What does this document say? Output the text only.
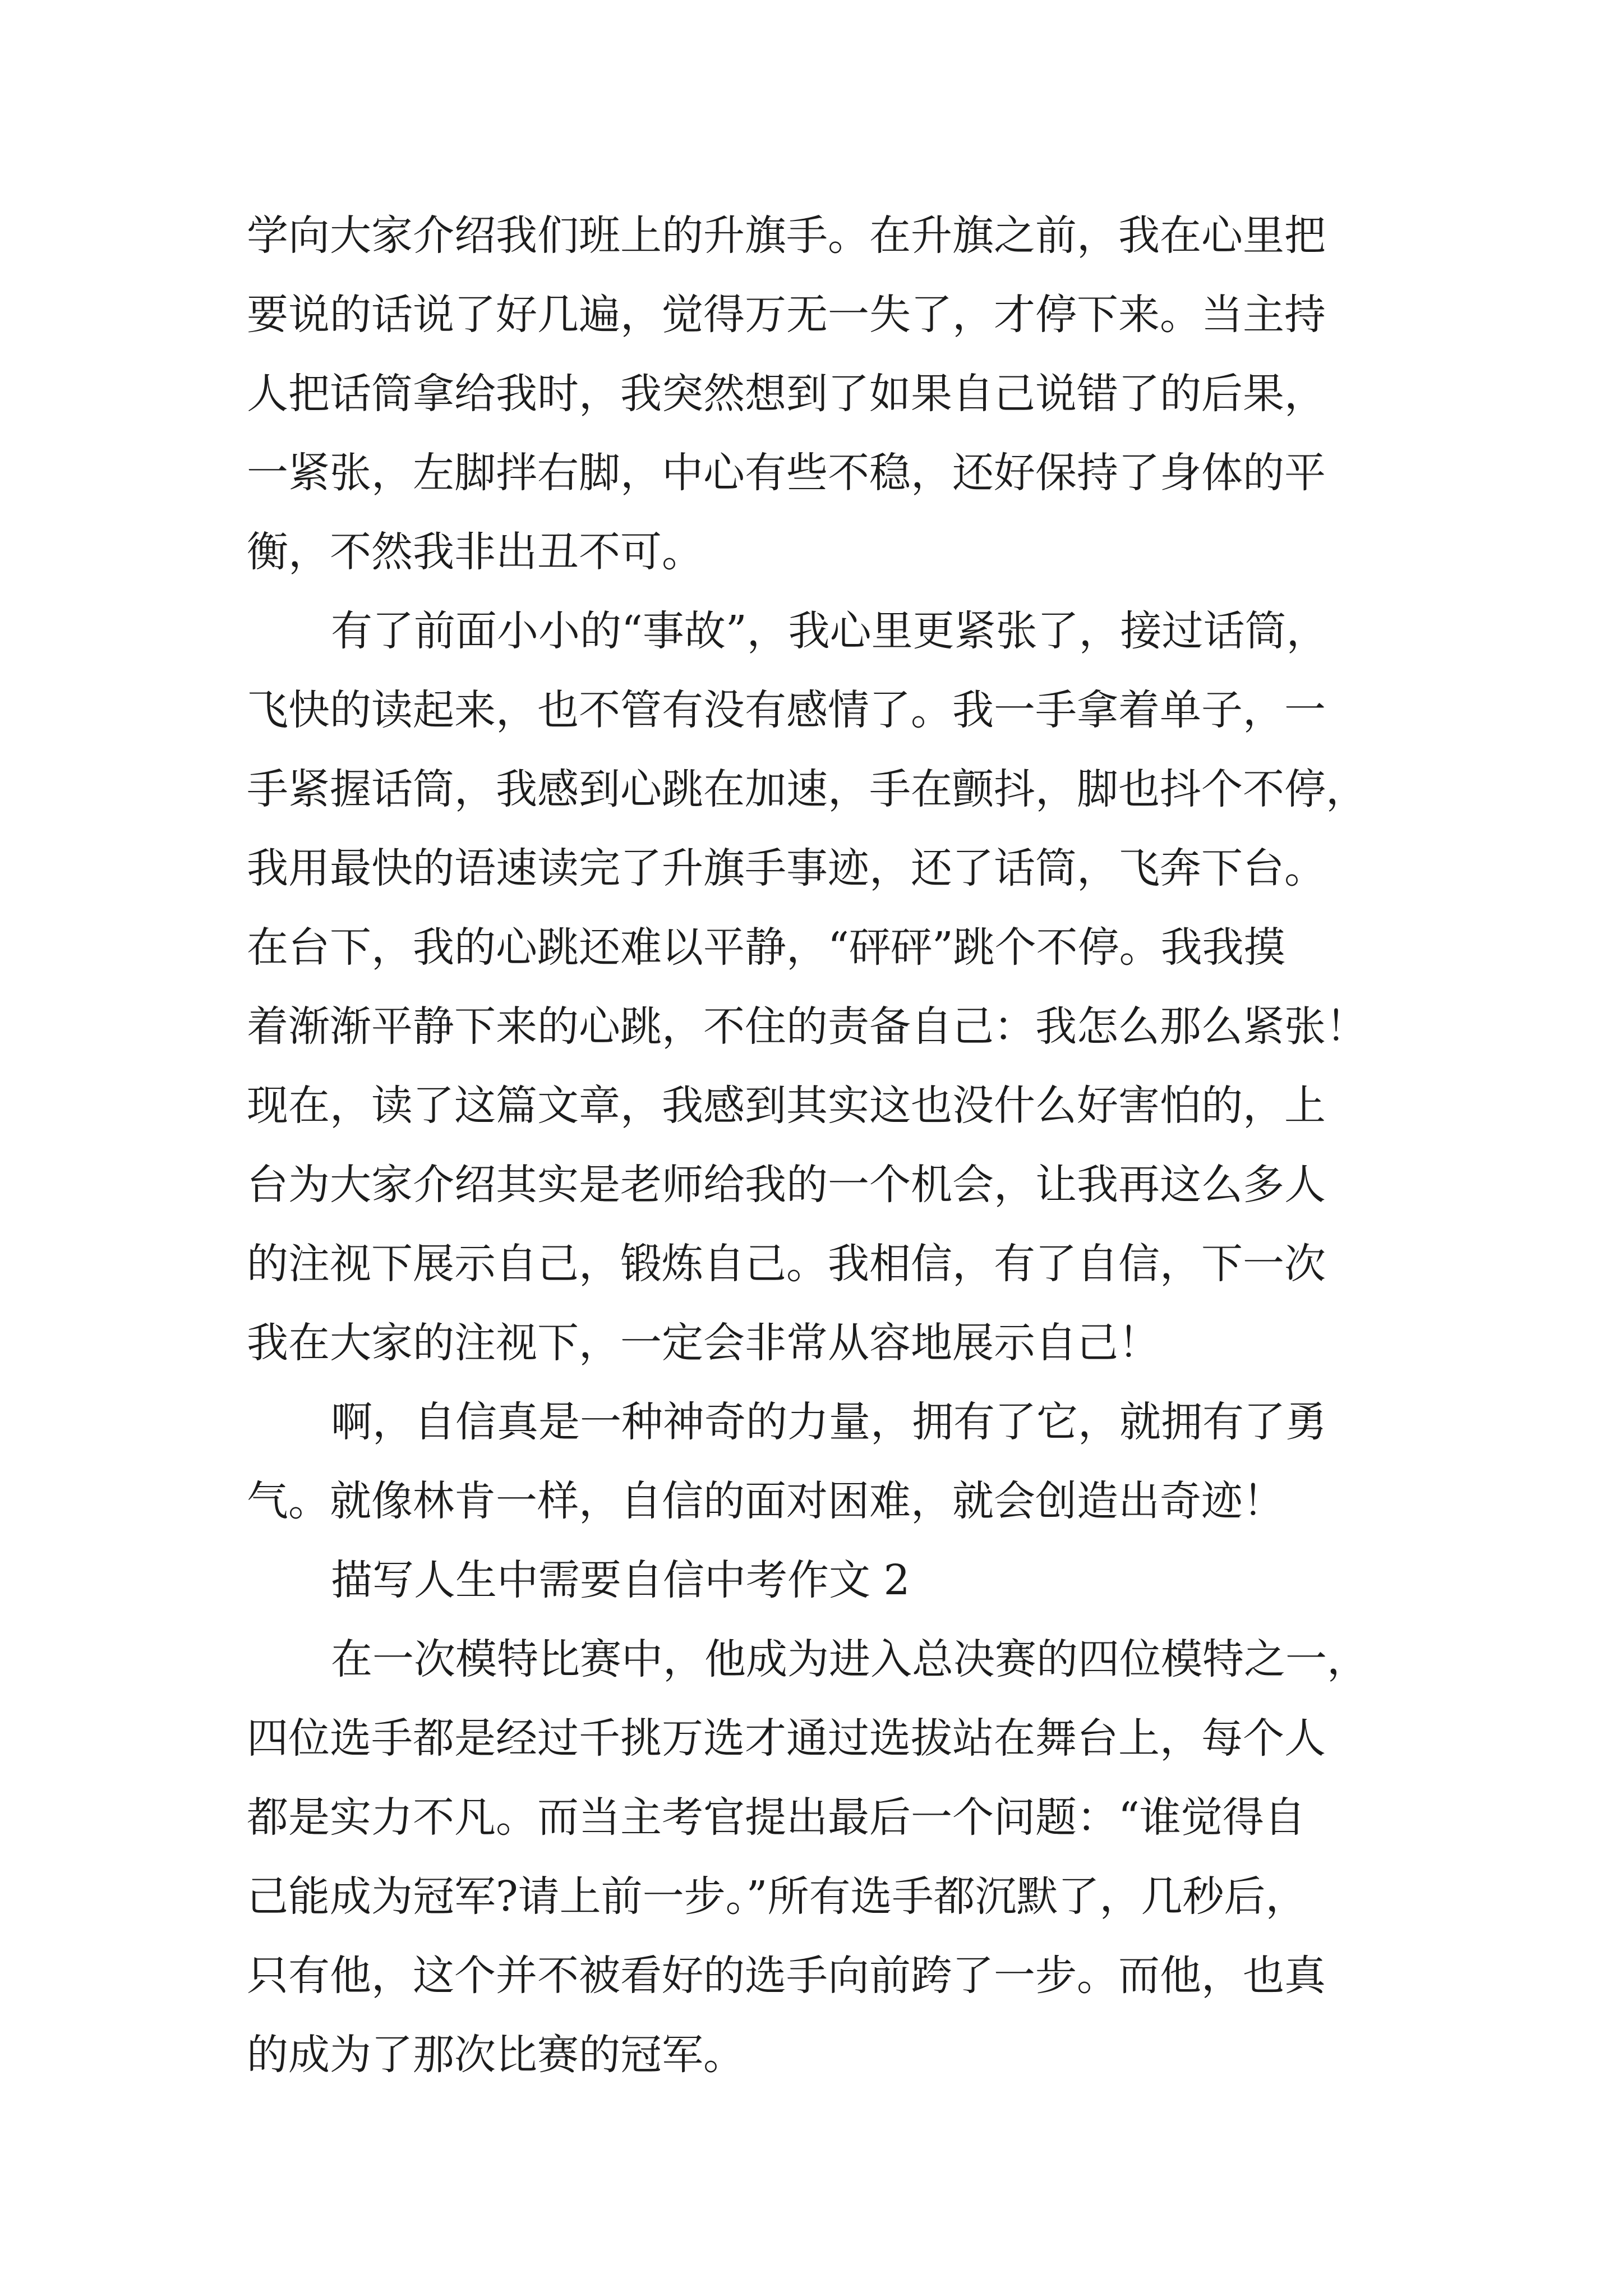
学向大家介绍我们班上的升旗手。在升旗之前，我在心里把
要说的话说了好几遍，觉得万无一失了，才停下来。当主持
人把话筒拿给我时，我突然想到了如果自己说错了的后果，
一紧张，左脚拌右脚，中心有些不稳，还好保持了身体的平
衡，不然我非出丑不可。
有了前面小小的“事故”，我心里更紧张了，接过话筒，
飞快的读起来，也不管有没有感情了。我一手拿着单子，一
手紧握话筒，我感到心跳在加速，手在颤抖，脚也抖个不停，
我用最快的语速读完了升旗手事迹，还了话筒，飞奔下台。
在台下，我的心跳还难以平静，“砰砰”跳个不停。我我摸
着渐渐平静下来的心跳，不住的责备自己：我怎么那么紧张！
现在，读了这篇文章，我感到其实这也没什么好害怕的，上
台为大家介绍其实是老师给我的一个机会，让我再这么多人
的注视下展示自己，锻炼自己。我相信，有了自信，下一次
我在大家的注视下，一定会非常从容地展示自己！
啊，自信真是一种神奇的力量，拥有了它，就拥有了勇
气。就像林肯一样，自信的面对困难，就会创造出奇迹！
描写人生中需要自信中考作文 2
在一次模特比赛中，他成为进入总决赛的四位模特之一，
四位选手都是经过千挑万选才通过选拔站在舞台上，每个人
都是实力不凡。而当主考官提出最后一个问题：“谁觉得自
己能成为冠军?请上前一步。”所有选手都沉默了，几秒后，
只有他，这个并不被看好的选手向前跨了一步。而他，也真
的成为了那次比赛的冠军。
